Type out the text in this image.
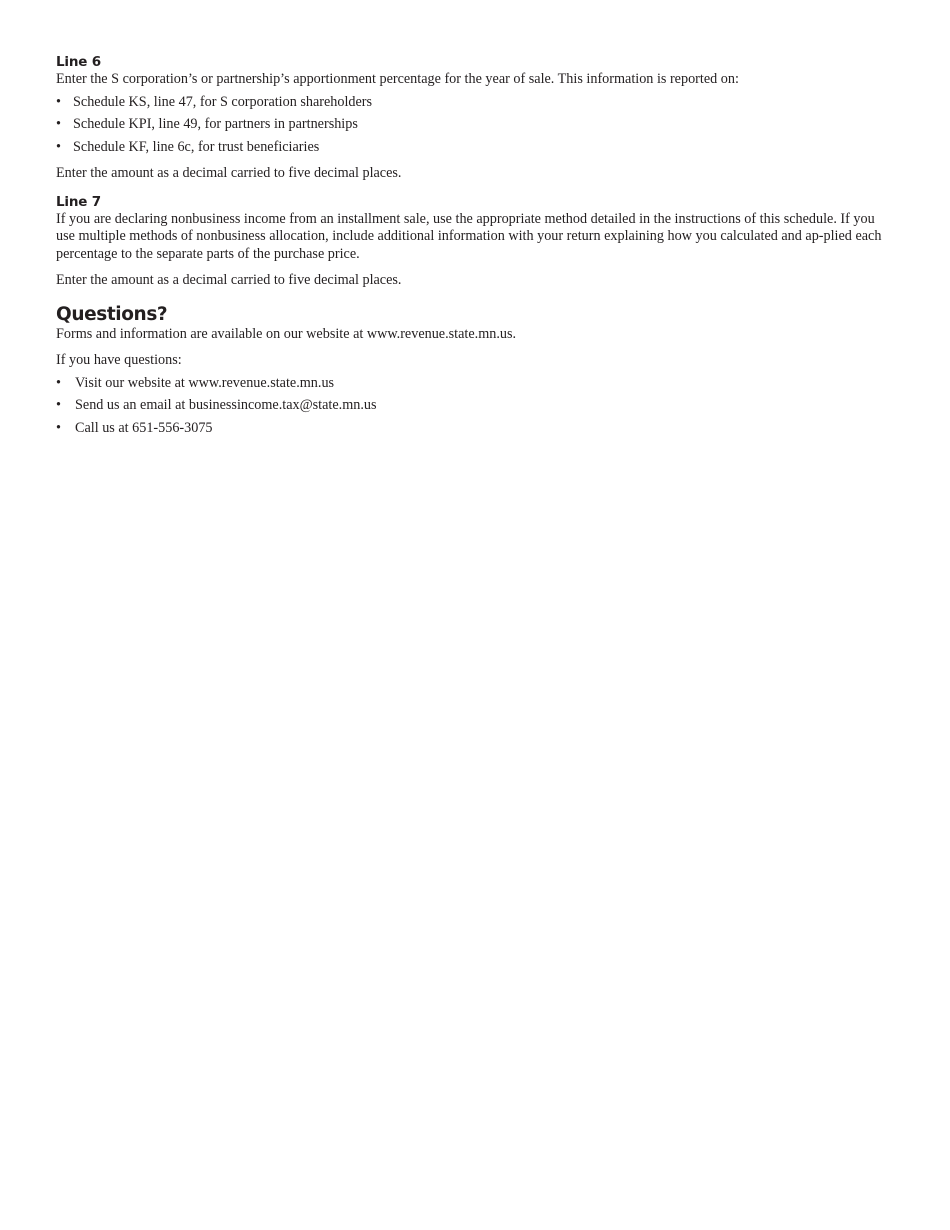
Line 6

Enter the S corporation’s or partnership’s apportionment percentage for the year of sale. This information is reported on:

• Schedule KS, line 47, for S corporation shareholders
• Schedule KPI, line 49, for partners in partnerships
• Schedule KF, line 6c, for trust beneficiaries

Enter the amount as a decimal carried to five decimal places.

Line 7

If you are declaring nonbusiness income from an installment sale, use the appropriate method detailed in the instructions of this schedule. If you use multiple methods of nonbusiness allocation, include additional information with your return explaining how you calculated and ap-plied each percentage to the separate parts of the purchase price.

Enter the amount as a decimal carried to five decimal places.

Questions?

Forms and information are available on our website at www.revenue.state.mn.us.

If you have questions:

• Visit our website at www.revenue.state.mn.us
• Send us an email at businessincome.tax@state.mn.us
• Call us at 651-556-3075
